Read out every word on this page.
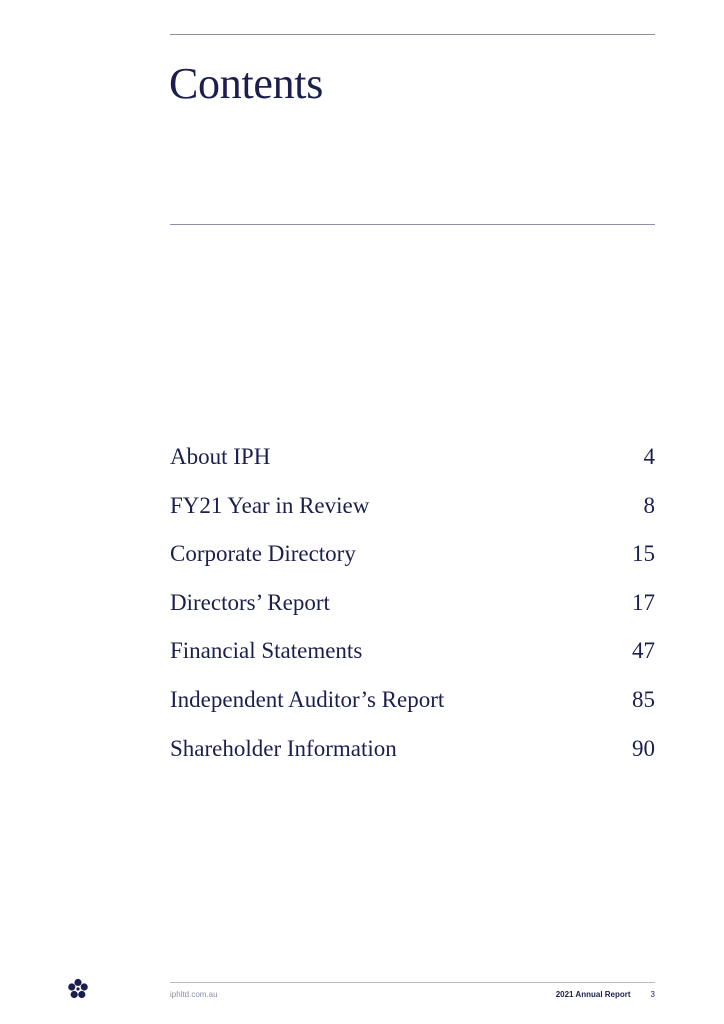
Contents
About IPH	4
FY21 Year in Review	8
Corporate Directory	15
Directors’ Report	17
Financial Statements	47
Independent Auditor’s Report	85
Shareholder Information	90
iphltd.com.au	2021 Annual Report	3
